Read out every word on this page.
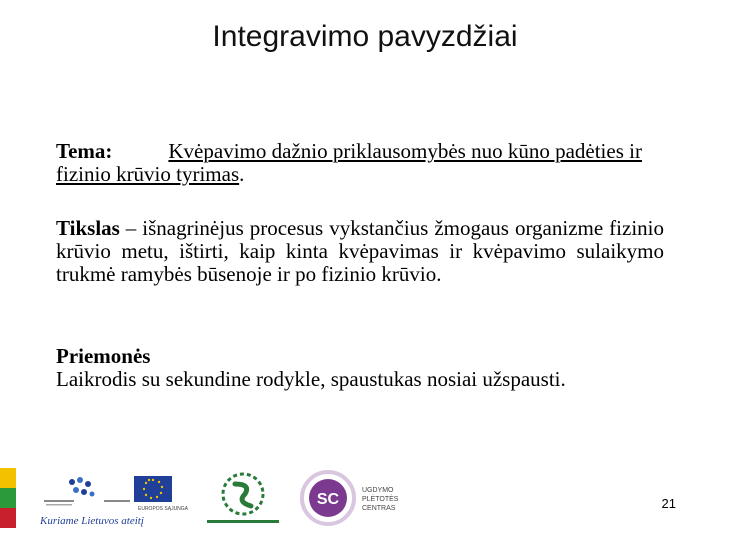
Integravimo pavyzdžiai
Tema:	Kvėpavimo dažnio priklausomybės nuo kūno padėties ir fizinio krūvio tyrimas.
Tikslas – išnagrinėjus procesus vykstančius žmogaus organizme fizinio krūvio metu, ištirti, kaip kinta kvėpavimas ir kvėpavimo sulaikymo trukmė ramybės būsenoje ir po fizinio krūvio.
Priemonės
Laikrodis su sekundine rodykle, spaustukas nosiai užspausti.
EUROPOS SĄJUNGA
Kuriame Lietuvos ateitį
SC
UGDYMO
PLĖTOTĖS
CENTRAS	21
